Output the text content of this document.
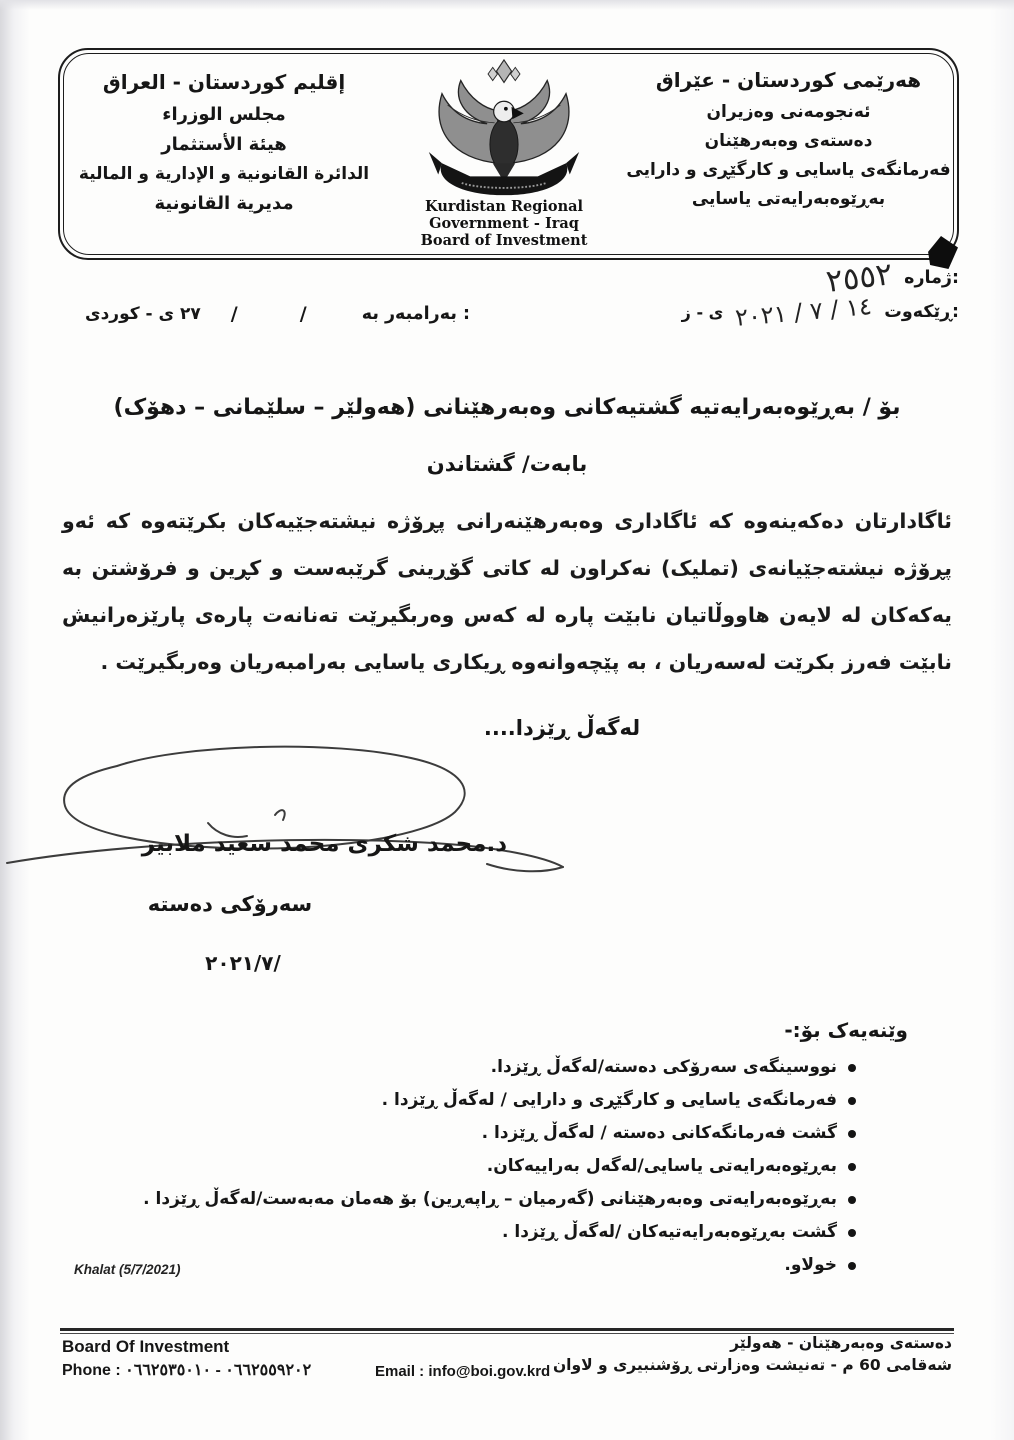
إقليم كوردستان - العراق

مجلس الوزراء

هيئة الأستثمار

الدائرة القانونية و الإدارية و المالية

مديرية القانونية	Kurdistan Regional Government - Iraq
Board of Investment

هەرێمی کوردستان - عێراق

ئەنجومەنی وەزیران

دەستەی وەبەرهێنان

فەرمانگەی یاسایی و کارگێڕی و دارایی

بەڕێوەبەرایەتی یاسایی

ژماره:
٢٥٥٢
ڕێکەوت:
١٤ / ٧ / ٢٠٢١
ى - ز
بەرامبەر بە :
/
/
٢٧ ى - كوردى
بۆ / بەڕێوەبەرایەتیە گشتیەکانی وەبەرهێنانی (هەولێر – سلێمانی – دهۆک)
بابەت/ گشتاندن
ئاگادارتان دەکەینەوە کە ئاگاداری وەبەرهێنەرانی پڕۆژە نیشتەجێیەکان بکرێتەوە کە ئەو پڕۆژە نیشتەجێیانەی (تملیک) نەکراون لە کاتی گۆڕینی گرێبەست و کڕین و فرۆشتن بە یەکەکان لە لایەن هاووڵاتیان نابێت پارە لە کەس وەربگیرێت تەنانەت پارەی پارێزەرانیش نابێت فەرز بکرێت لەسەریان ، بە پێچەوانەوە ڕیکاری یاسایی بەرامبەریان وەربگیرێت .
لەگەڵ ڕێزدا....
د.محمد شکری محمد سعید ملابیر
سەرۆکی دەستە
٢٠٢١/٧/
وێنەیەک بۆ:-
نووسینگەی سەرۆکی دەستە/لەگەڵ ڕێزدا.
فەرمانگەی یاسایی و کارگێڕی و دارایی / لەگەڵ ڕێزدا .
گشت فەرمانگەکانی دەستە / لەگەڵ ڕێزدا .
بەڕێوەبەرایەتی یاسایی/لەگەل بەراییەکان.
بەڕێوەبەرایەتی وەبەرهێنانی (گەرمیان – ڕاپەڕین) بۆ هەمان مەبەست/لەگەڵ ڕێزدا .
گشت بەڕێوەبەرایەتیەکان /لەگەڵ ڕێزدا .
خولاو.
Khalat (5/7/2021)

Board Of Investment

Phone : ٠٦٦٢٥٥٩٢٠٢ - ٠٦٦٢٥٣٥٠١٠	Email : info@boi.gov.krd

دەستەی وەبەرهێنان - هەولێر

شەقامی 60 م - تەنیشت وەزارتی ڕۆشنبیری و لاوان
